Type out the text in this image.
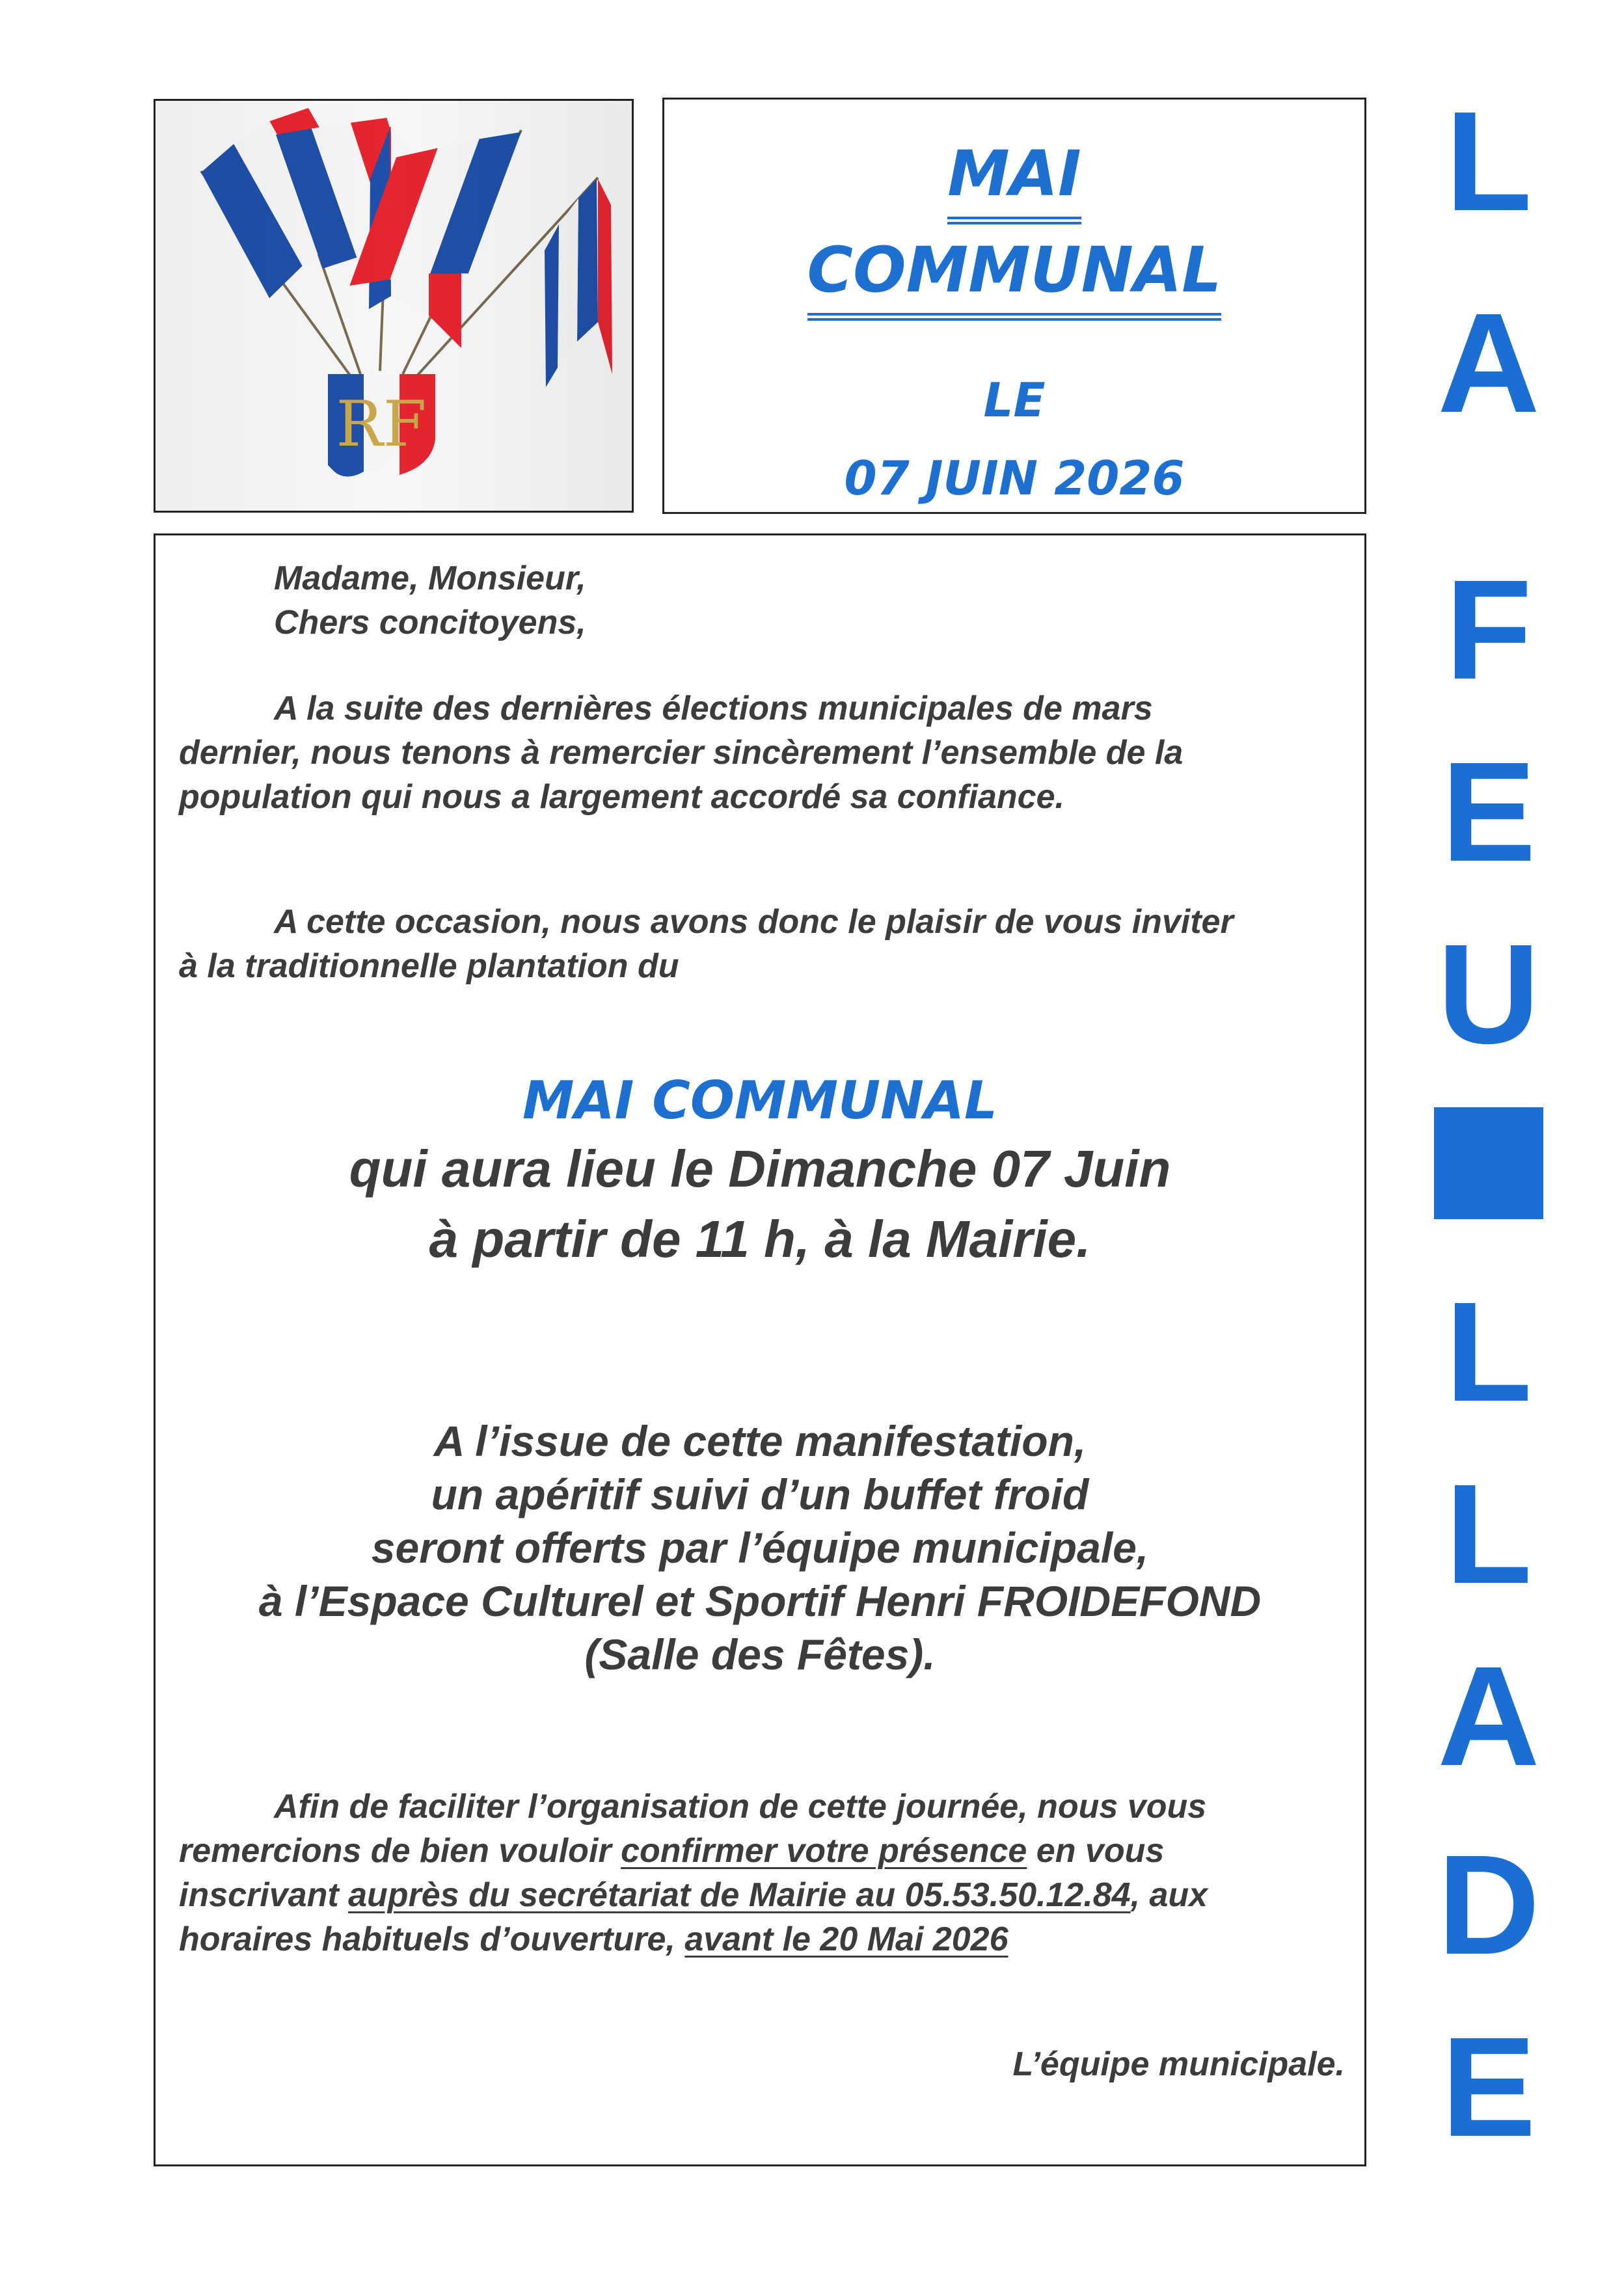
RF
MAI
COMMUNAL
LE
07 JUIN 2026
L
A
F
E
U
L
L
A
D
E
Madame, Monsieur,
Chers concitoyens,
A la suite des dernières élections municipales de mars
dernier, nous tenons à remercier sincèrement l’ensemble de la
population qui nous a largement accordé sa confiance.
A cette occasion, nous avons donc le plaisir de vous inviter
à la traditionnelle plantation du
MAI COMMUNAL
qui aura lieu le Dimanche 07 Juin
à partir de 11 h, à la Mairie.
A l’issue de cette manifestation,
un apéritif suivi d’un buffet froid
seront offerts par l’équipe municipale,
à l’Espace Culturel et Sportif Henri FROIDEFOND
(Salle des Fêtes).
Afin de faciliter l’organisation de cette journée, nous vous
remercions de bien vouloir confirmer votre présence en vous
inscrivant auprès du secrétariat de Mairie au 05.53.50.12.84, aux
horaires habituels d’ouverture, avant le 20 Mai 2026
L’équipe municipale.
